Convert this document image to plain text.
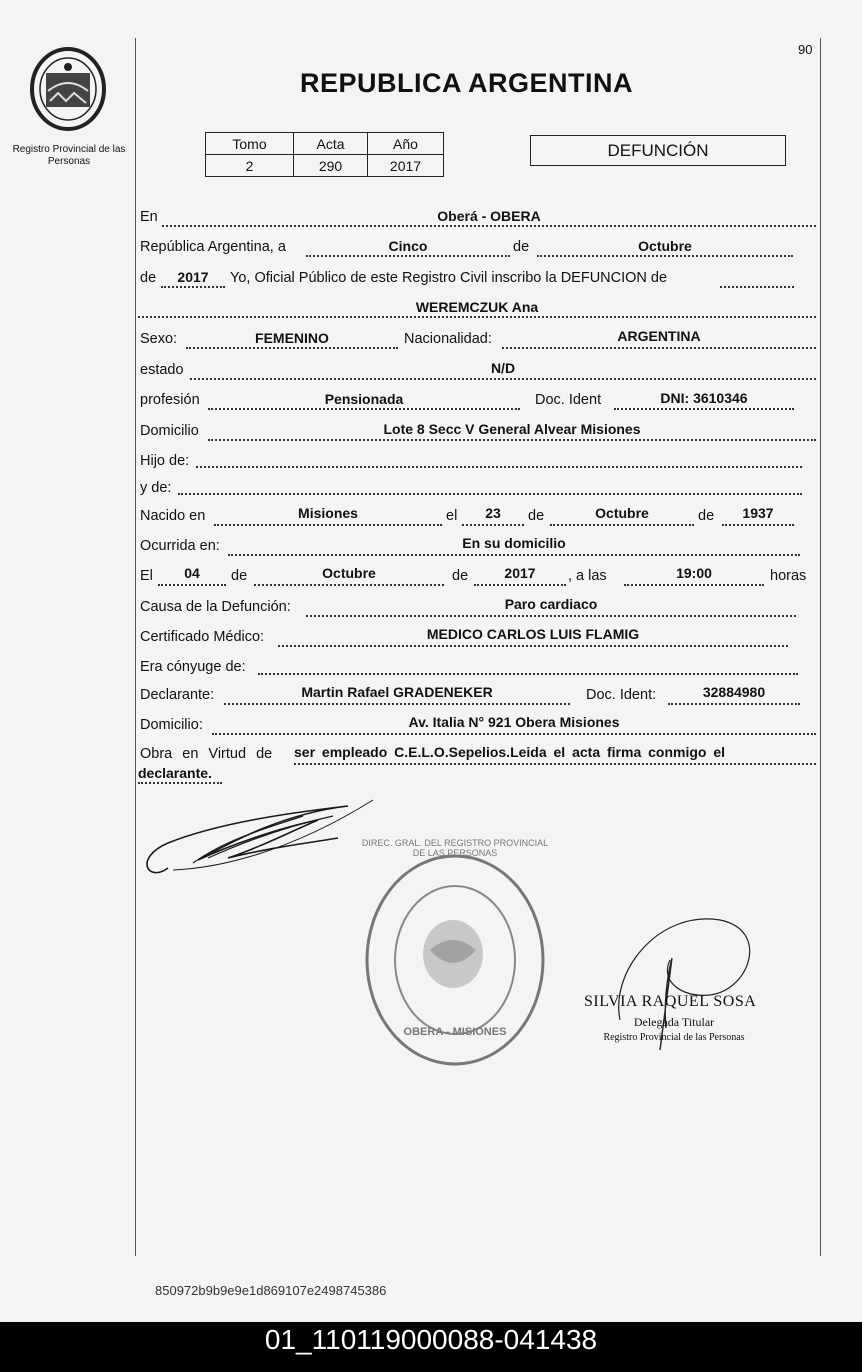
90
Registro Provincial de las Personas
REPUBLICA ARGENTINA
Tomo	Acta	Año
2	290	2017
DEFUNCIÓN
En	Oberá - OBERA
República Argentina, a	Cinco	de	Octubre
de	2017	Yo, Oficial Público de este Registro Civil inscribo la DEFUNCION de
WEREMCZUK Ana
Sexo:	FEMENINO	Nacionalidad:	ARGENTINA
estado	N/D
profesión	Pensionada	Doc. Ident	DNI: 3610346
Domicilio	Lote 8 Secc V General Alvear Misiones
Hijo de:
y de:
Nacido en	Misiones	el	23	de	Octubre	de	1937
Ocurrida en:	En su domicilio
El	04	de	Octubre	de	2017	, a las	19:00	horas
Causa de la Defunción:	Paro cardiaco
Certificado Médico:	MEDICO CARLOS LUIS FLAMIG
Era cónyuge de:
Declarante:	Martin Rafael GRADENEKER	Doc. Ident:	32884980
Domicilio:	Av. Italia N° 921 Obera Misiones
Obra en Virtud de ser empleado C.E.L.O.Sepelios.Leida el acta firma conmigo el
declarante.
DIREC. GRAL. DEL REGISTRO PROVINCIAL DE LAS PERSONAS
OBERA - MISIONES
SILVIA RAQUEL SOSA
Delegada Titular
Registro Provincial de las Personas
850972b9b9e9e1d869107e2498745386
01_110119000088-041438
